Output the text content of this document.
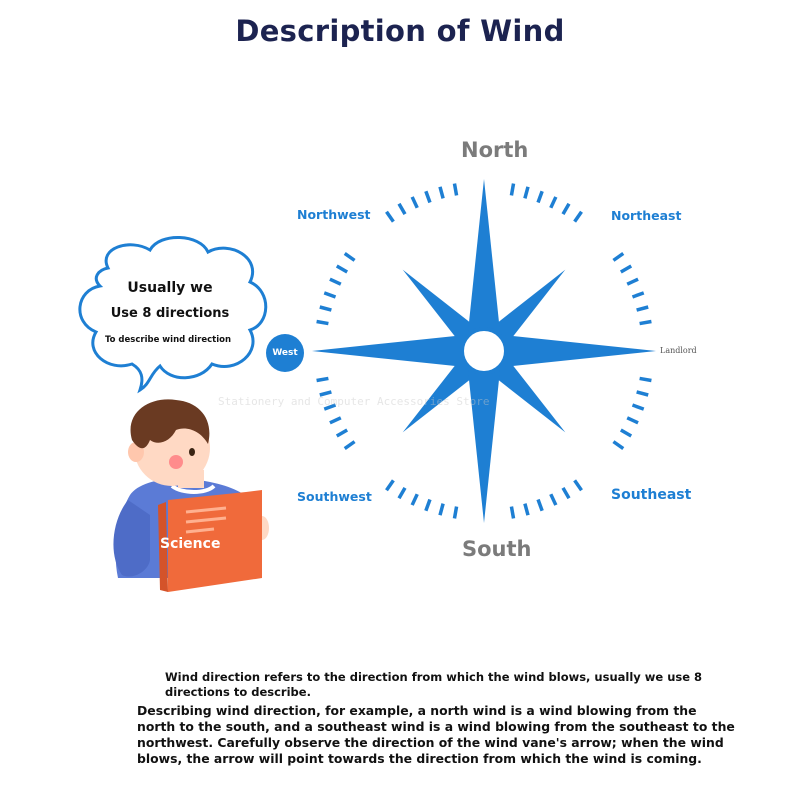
Description of Wind
North
South
Northwest	Northeast
Southwest	Southeast
West	Landlord
Stationery and Computer Accessories Store
Usually we
Use 8 directions
To describe wind direction
Science
Wind direction refers to the direction from which the wind blows, usually we use 8 directions to describe.
Describing wind direction, for example, a north wind is a wind blowing from the north to the south, and a southeast wind is a wind blowing from the southeast to the northwest. Carefully observe the direction of the wind vane's arrow; when the wind blows, the arrow will point towards the direction from which the wind is coming.
